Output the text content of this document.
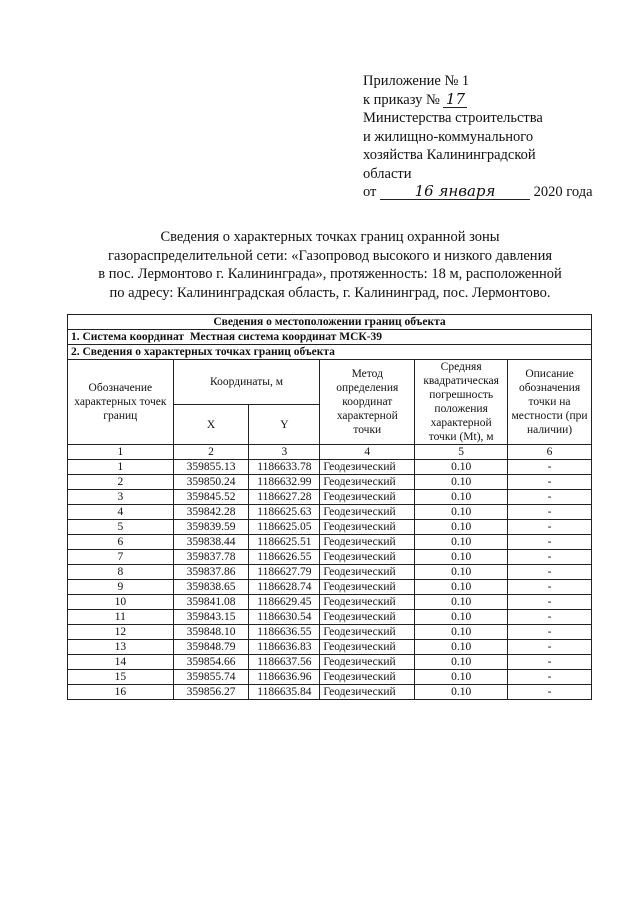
Приложение № 1
к приказу № 17
Министерства строительства
и жилищно-коммунального
хозяйства Калининградской
области
от	16 января	2020 года
Сведения о характерных точках границ охранной зоны
газораспределительной сети: «Газопровод высокого и низкого давления
в пос. Лермонтово г. Калининграда», протяженность: 18 м, расположенной
по адресу: Калининградская область, г. Калининград, пос. Лермонтово.
Сведения о местоположении границ объекта					
1. Система координат Местная система координат МСК-39					
2. Сведения о характерных точках границ объекта					
Обозначение характерных точек границ	Координаты, м		Метод определения координат характерной точки	Средняя квадратическая погрешность положения характерной точки (Mt), м	Описание обозначения точки на местности (при наличии)
	X	Y			
1	2	3	4	5	6
1	359855.13	1186633.78	Геодезический	0.10	-
2	359850.24	1186632.99	Геодезический	0.10	-
3	359845.52	1186627.28	Геодезический	0.10	-
4	359842.28	1186625.63	Геодезический	0.10	-
5	359839.59	1186625.05	Геодезический	0.10	-
6	359838.44	1186625.51	Геодезический	0.10	-
7	359837.78	1186626.55	Геодезический	0.10	-
8	359837.86	1186627.79	Геодезический	0.10	-
9	359838.65	1186628.74	Геодезический	0.10	-
10	359841.08	1186629.45	Геодезический	0.10	-
11	359843.15	1186630.54	Геодезический	0.10	-
12	359848.10	1186636.55	Геодезический	0.10	-
13	359848.79	1186636.83	Геодезический	0.10	-
14	359854.66	1186637.56	Геодезический	0.10	-
15	359855.74	1186636.96	Геодезический	0.10	-
16	359856.27	1186635.84	Геодезический	0.10	-
